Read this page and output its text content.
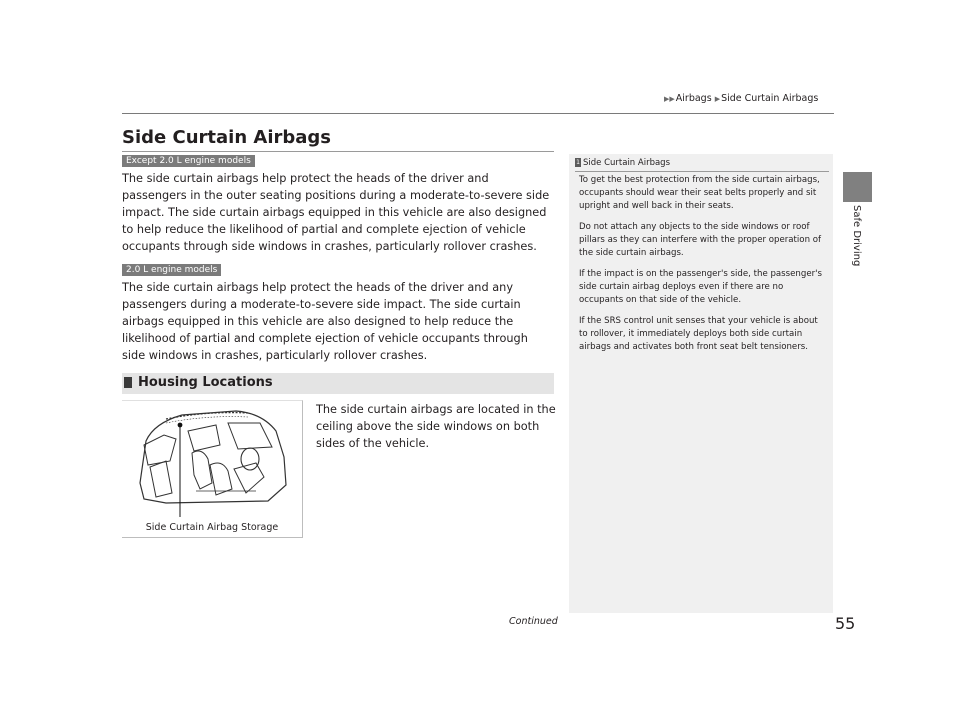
▶▶Airbags ▶Side Curtain Airbags
Safe Driving
Side Curtain Airbags
Except 2.0 L engine models

The side curtain airbags help protect the heads of the driver and passengers in the outer seating positions during a moderate-to-severe side impact. The side curtain airbags equipped in this vehicle are also designed to help reduce the likelihood of partial and complete ejection of vehicle occupants through side windows in crashes, particularly rollover crashes.

2.0 L engine models

The side curtain airbags help protect the heads of the driver and any passengers during a moderate-to-severe side impact. The side curtain airbags equipped in this vehicle are also designed to help reduce the likelihood of partial and complete ejection of vehicle occupants through side windows in crashes, particularly rollover crashes.

Housing Locations
Side Curtain Airbag Storage

The side curtain airbags are located in the ceiling above the side windows on both sides of the vehicle.

1 Side Curtain Airbags

To get the best protection from the side curtain airbags, occupants should wear their seat belts properly and sit upright and well back in their seats.

Do not attach any objects to the side windows or roof pillars as they can interfere with the proper operation of the side curtain airbags.

If the impact is on the passenger's side, the passenger's side curtain airbag deploys even if there are no occupants on that side of the vehicle.

If the SRS control unit senses that your vehicle is about to rollover, it immediately deploys both side curtain airbags and activates both front seat belt tensioners.

Continued	55
